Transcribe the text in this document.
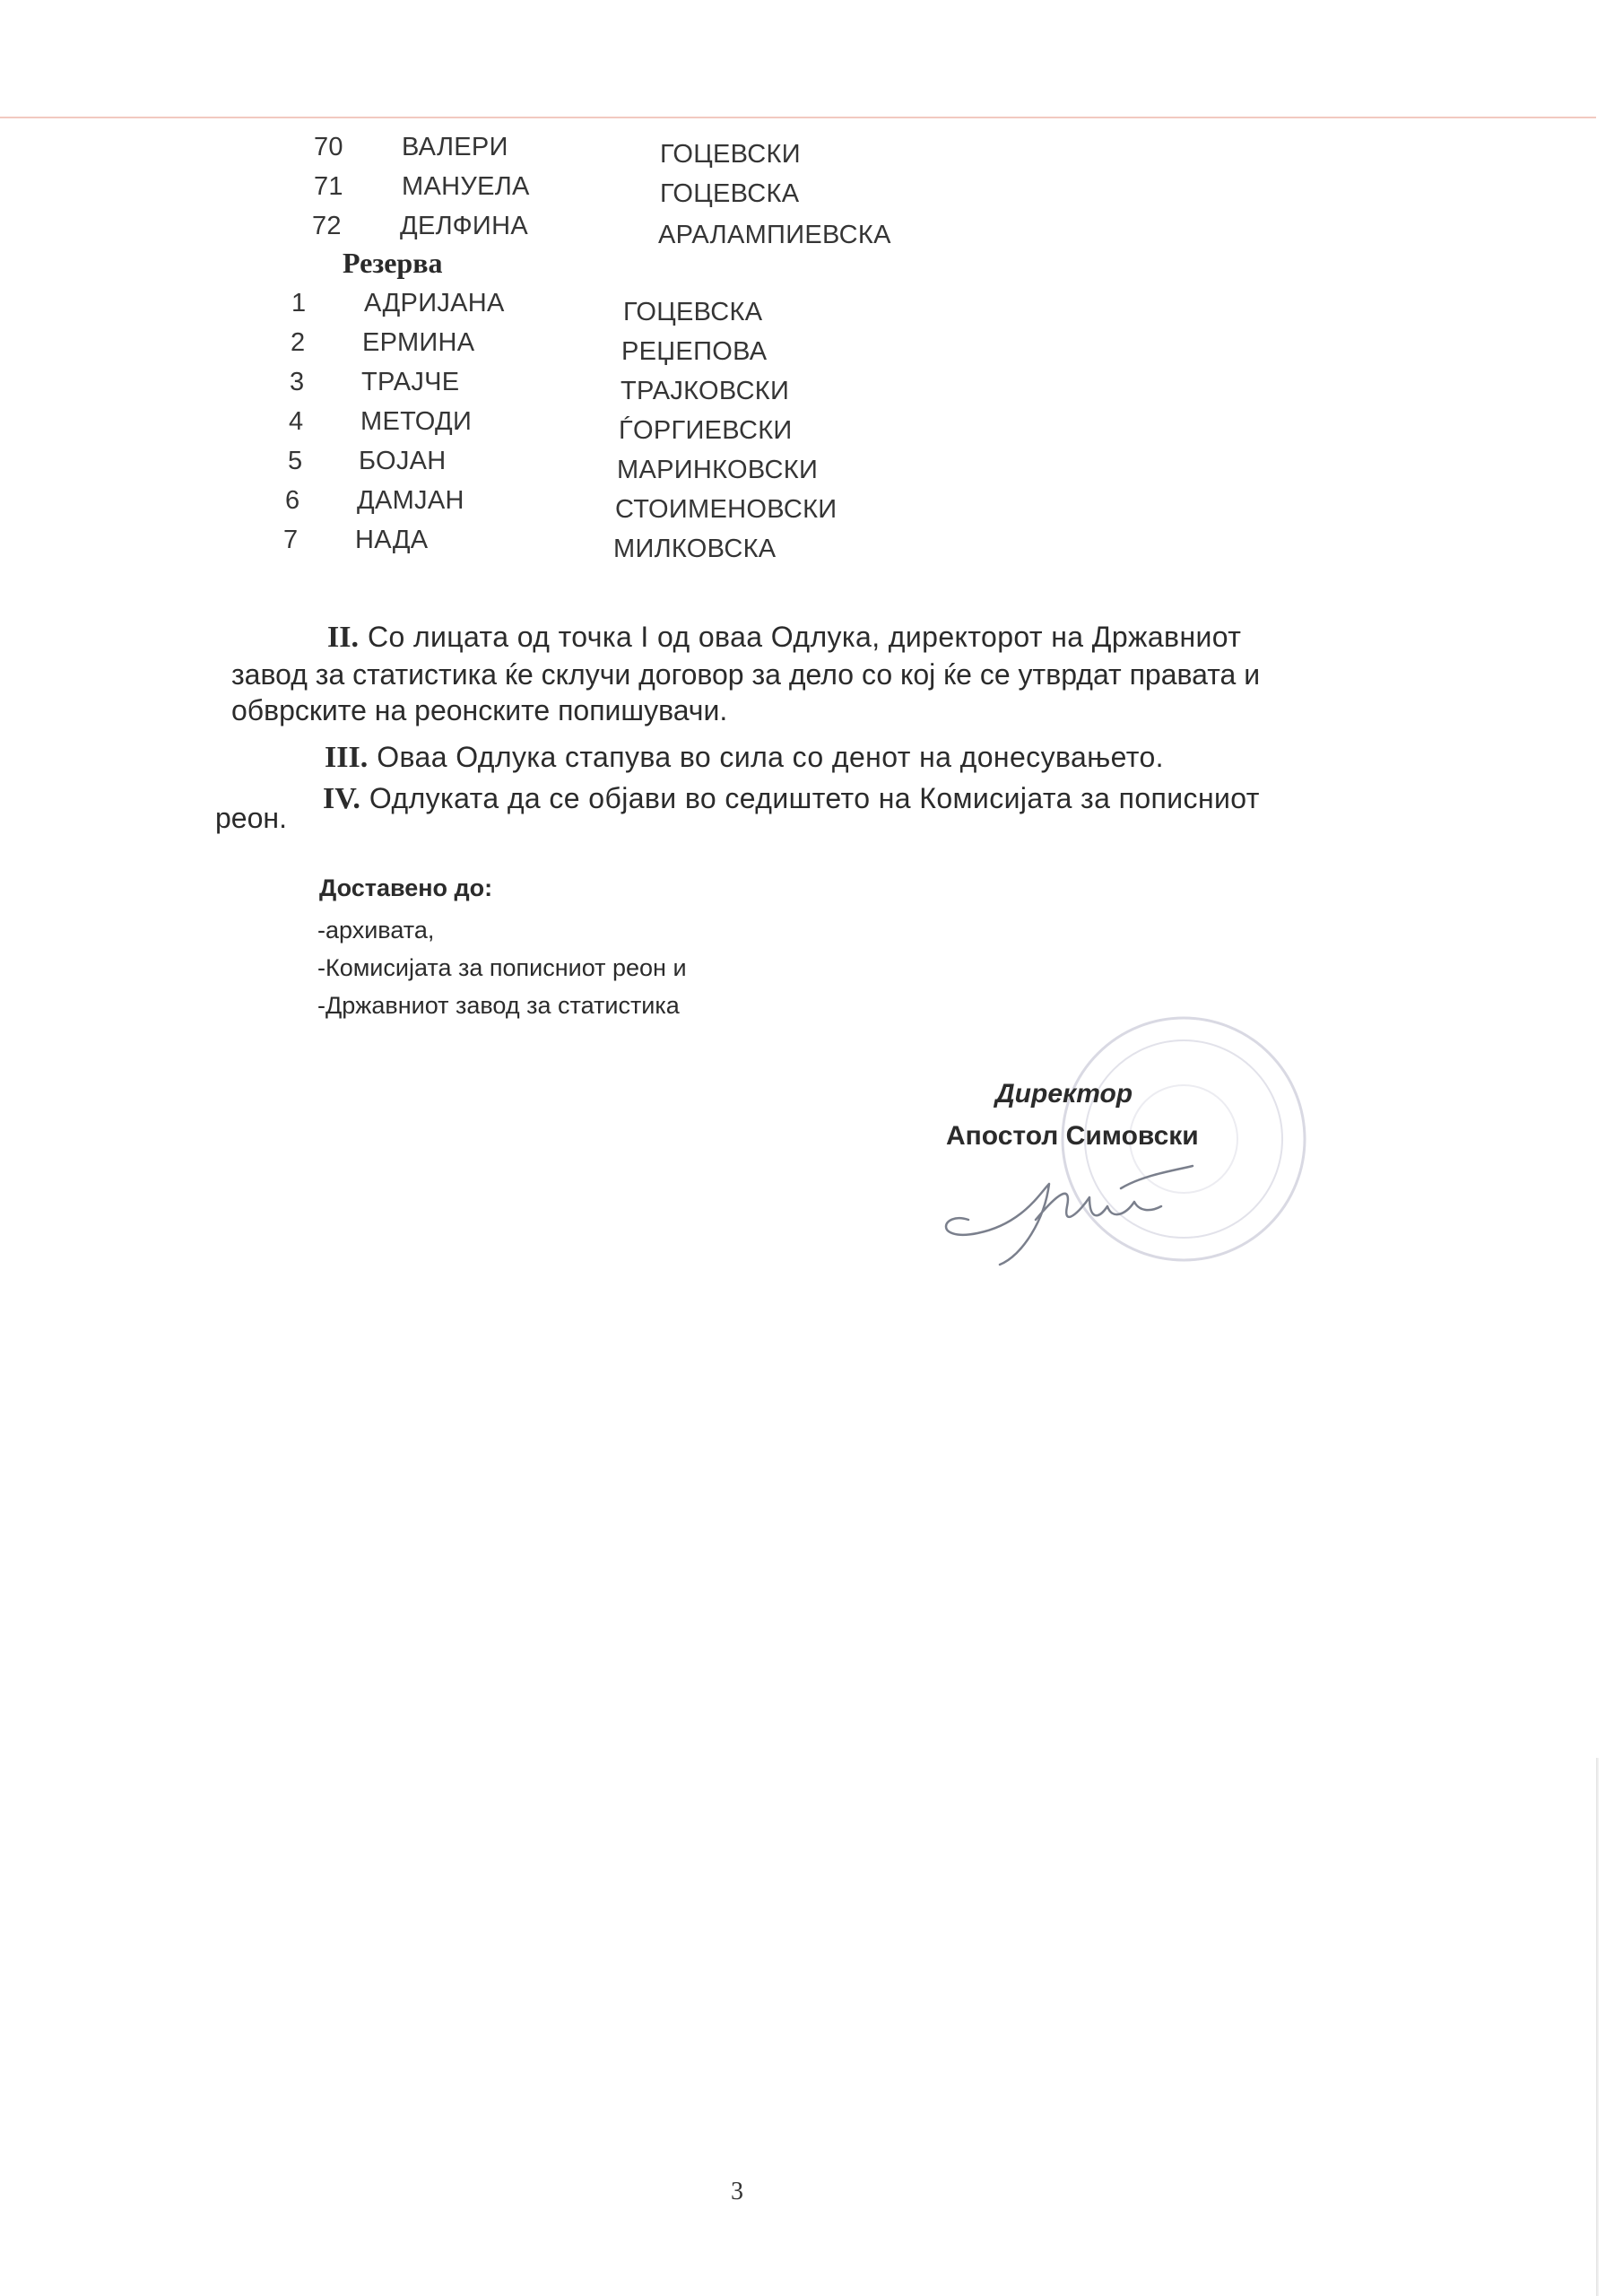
70 ВАЛЕРИ	ГОЦЕВСКИ
71 МАНУЕЛА	ГОЦЕВСКА
72 ДЕЛФИНА	АРАЛАМПИЕВСКА
Резерва
1 АДРИЈАНА	ГОЦЕВСКА
2 ЕРМИНА	РЕЏЕПОВА
3 ТРАЈЧЕ	ТРАЈКОВСКИ
4 МЕТОДИ	ЃОРГИЕВСКИ
5 БОЈАН	МАРИНКОВСКИ
6 ДАМЈАН	СТОИМЕНОВСКИ
7 НАДА	МИЛКОВСКА
II. Со лицата од точка I од оваа Одлука, директорот на Државниот
завод за статистика ќе склучи договор за дело со кој ќе се утврдат правата и
обврските на реонските попишувачи.
III. Оваа Одлука стапува во сила со денот на донесувањето.
IV. Одлуката да се објави во седиштето на Комисијата за пописниот
реон.
Доставено до:
-архивата,
-Комисијата за пописниот реон и
-Државниот завод за статистика
Директор
Апостол Симовски
3
